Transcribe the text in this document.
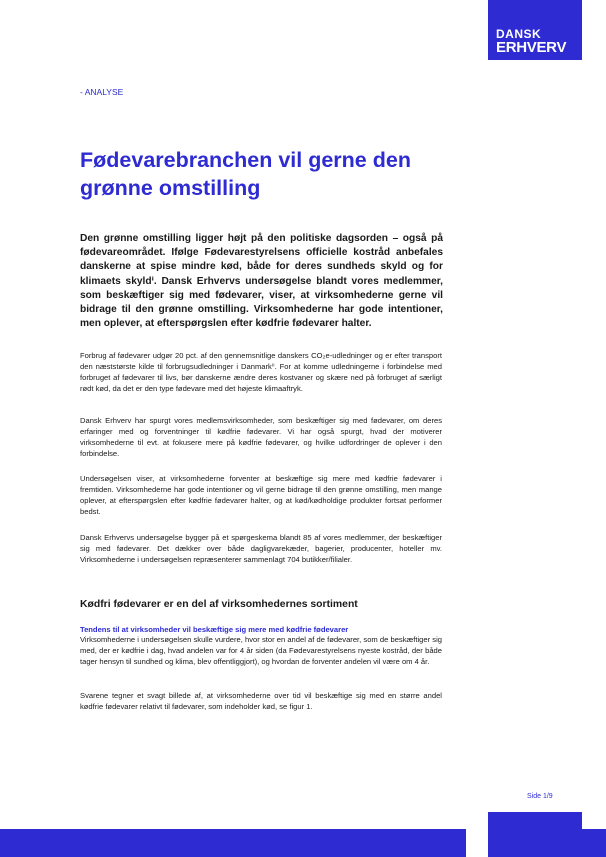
DANSK
ERHVERV
- ANALYSE
Fødevarebranchen vil gerne den grønne omstilling

Den grønne omstilling ligger højt på den politiske dagsorden – også på fødevareområdet. Ifølge Fødevarestyrelsens officielle kostråd anbefales danskerne at spise mindre kød, både for deres sundheds skyld og for klimaets skyldⁱ. Dansk Erhvervs undersøgelse blandt vores medlemmer, som beskæftiger sig med fødevarer, viser, at virksomhederne gerne vil bidrage til den grønne omstilling. Virksomhederne har gode intentioner, men oplever, at efterspørgslen efter kødfrie fødevarer halter.

Forbrug af fødevarer udgør 20 pct. af den gennemsnitlige danskers CO₂e-udledninger og er efter transport den næststørste kilde til forbrugsudledninger i Danmarkⁱⁱ. For at komme udledningerne i forbindelse med forbruget af fødevarer til livs, bør danskerne ændre deres kostvaner og skære ned på forbruget af særligt rødt kød, da det er den type fødevare med det højeste klimaaftryk.

Dansk Erhverv har spurgt vores medlemsvirksomheder, som beskæftiger sig med fødevarer, om deres erfaringer med og forventninger til kødfrie fødevarer. Vi har også spurgt, hvad der motiverer virksomhederne til evt. at fokusere mere på kødfrie fødevarer, og hvilke udfordringer de oplever i den forbindelse.

Undersøgelsen viser, at virksomhederne forventer at beskæftige sig mere med kødfrie fødevarer i fremtiden. Virksomhederne har gode intentioner og vil gerne bidrage til den grønne omstilling, men mange oplever, at efterspørgslen efter kødfrie fødevarer halter, og at kød/kødholdige produkter fortsat performer bedst.

Dansk Erhvervs undersøgelse bygger på et spørgeskema blandt 85 af vores medlemmer, der beskæftiger sig med fødevarer. Det dækker over både dagligvarekæder, bagerier, producenter, hoteller mv. Virksomhederne i undersøgelsen repræsenterer sammenlagt 704 butikker/filialer.

Kødfri fødevarer er en del af virksomhedernes sortiment
Tendens til at virksomheder vil beskæftige sig mere med kødfrie fødevarer

Virksomhederne i undersøgelsen skulle vurdere, hvor stor en andel af de fødevarer, som de beskæftiger sig med, der er kødfrie i dag, hvad andelen var for 4 år siden (da Fødevarestyrelsens nyeste kostråd, der både tager hensyn til sundhed og klima, blev offentliggjort), og hvordan de forventer andelen vil være om 4 år.

Svarene tegner et svagt billede af, at virksomhederne over tid vil beskæftige sig med en større andel kødfrie fødevarer relativt til fødevarer, som indeholder kød, se figur 1.

Side 1/9
